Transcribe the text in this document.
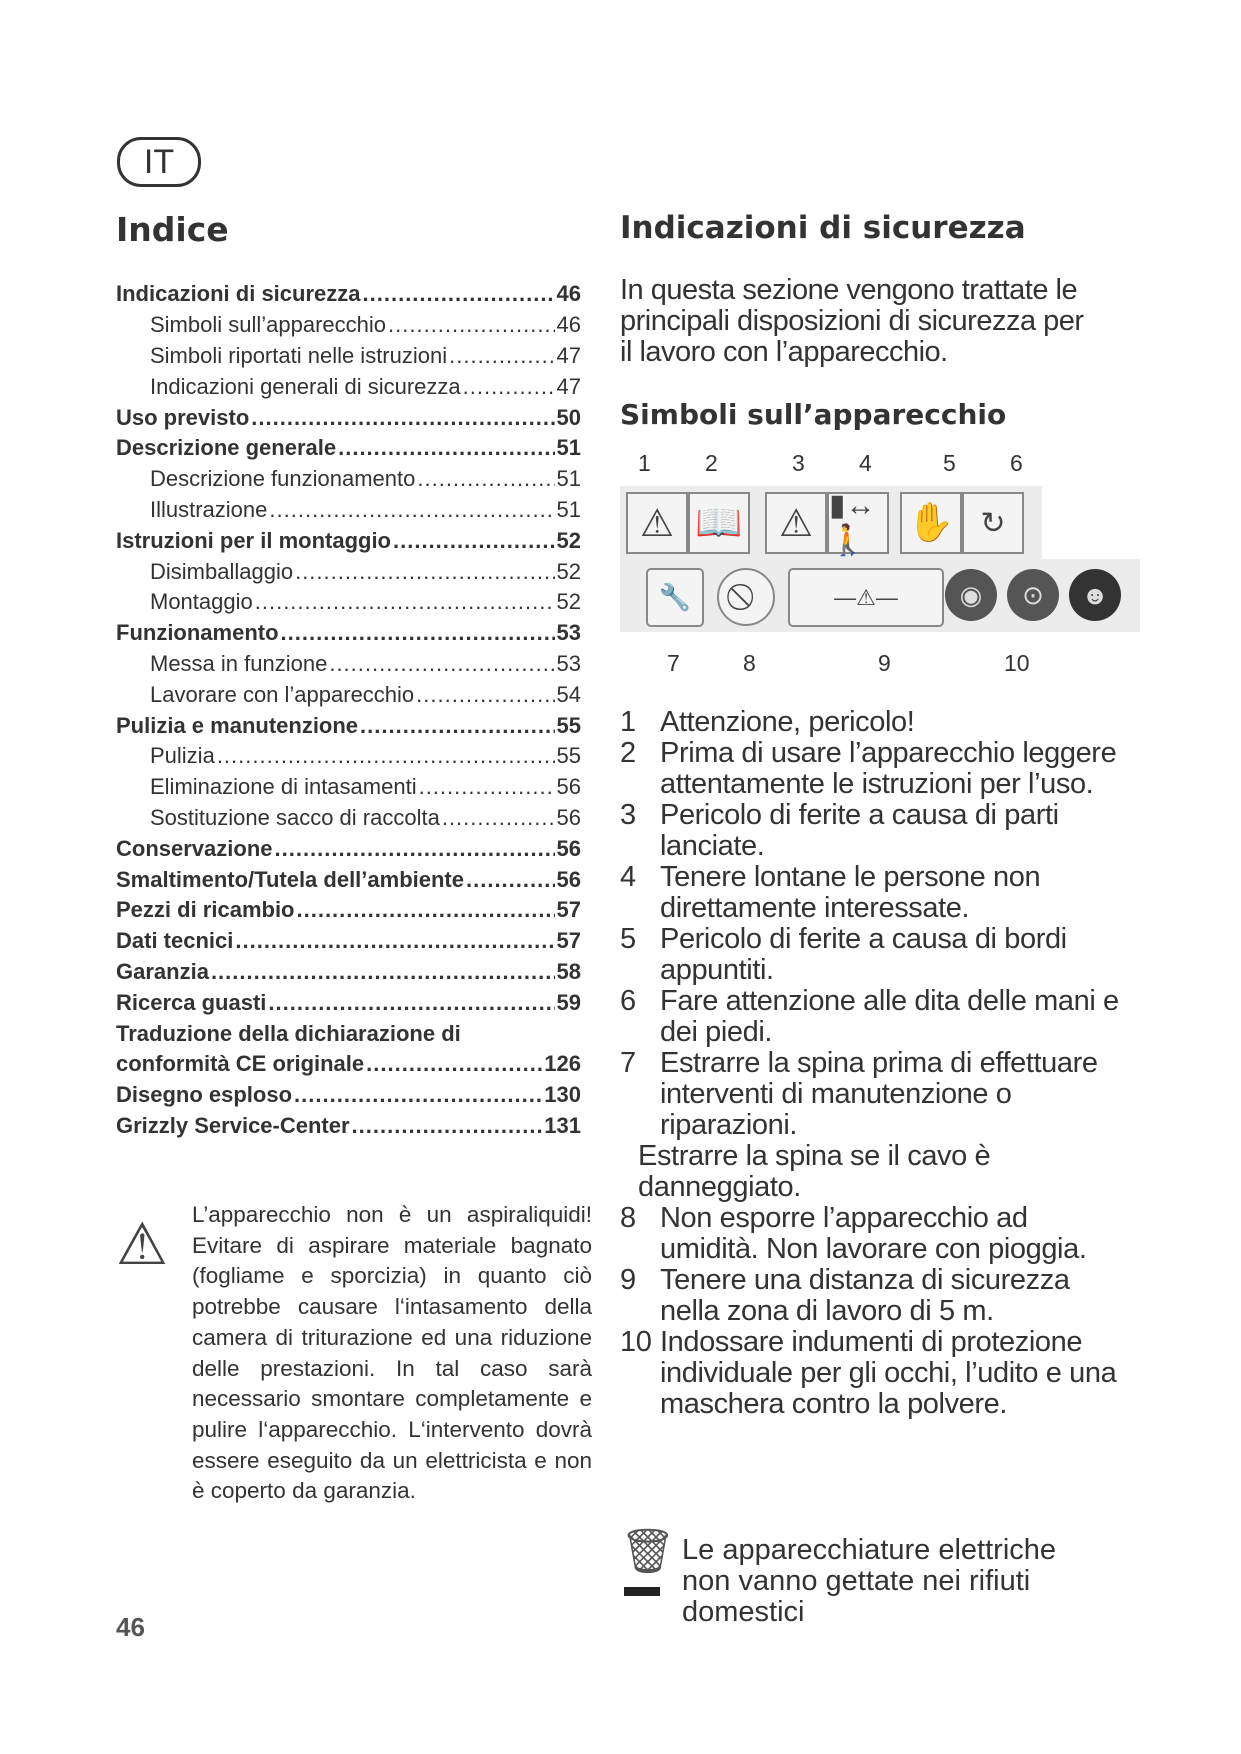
IT
Indice
Indicazioni di sicurezza .....	46
Simboli sull’apparecchio .....	46
Simboli riportati nelle istruzioni .....	47
Indicazioni generali di sicurezza .....	47
Uso previsto .....	50
Descrizione generale .....	51
Descrizione funzionamento .....	51
Illustrazione .....	51
Istruzioni per il montaggio .....	52
Disimballaggio .....	52
Montaggio .....	52
Funzionamento .....	53
Messa in funzione .....	53
Lavorare con l’apparecchio .....	54
Pulizia e manutenzione .....	55
Pulizia .....	55
Eliminazione di intasamenti .....	56
Sostituzione sacco di raccolta .....	56
Conservazione .....	56
Smaltimento/Tutela dell’ambiente .....	56
Pezzi di ricambio .....	57
Dati tecnici .....	57
Garanzia .....	58
Ricerca guasti .....	59
Traduzione della dichiarazione di
conformità CE originale .....	126
Disegno esploso .....	130
Grizzly Service-Center .....	131
⚠ L’apparecchio non è un aspiraliquidi! Evitare di aspirare materiale bagnato (fogliame e sporcizia) in quanto ciò potrebbe causare l‘intasamento della camera di triturazione ed una riduzione delle prestazioni. In tal caso sarà necessario smontare completamente e pulire l‘apparecchio. L‘intervento dovrà essere eseguito da un elettricista e non è coperto da garanzia.
46
Indicazioni di sicurezza
In questa sezione vengono trattate le principali disposizioni di sicurezza per il lavoro con l’apparecchio.
Simboli sull’apparecchio
1 2	3 4	5 6
⚠ 📖 ⚠ ▮↔🚶	✋ ↻
🔧	—⚠—	◉	⊙	☻
7	8	9	10
1 Attenzione, pericolo!
2 Prima di usare l’apparecchio leggere attentamente le istruzioni per l’uso.
3 Pericolo di ferite a causa di parti lanciate.
4 Tenere lontane le persone non direttamente interessate.
5 Pericolo di ferite a causa di bordi appuntiti.
6 Fare attenzione alle dita delle mani e dei piedi.
7 Estrarre la spina prima di effettuare interventi di manutenzione o riparazioni.
Estrarre la spina se il cavo è danneggiato.
8 Non esporre l’apparecchio ad umidità. Non lavorare con pioggia.
9 Tenere una distanza di sicurezza nella zona di lavoro di 5 m.
10 Indossare indumenti di protezione individuale per gli occhi, l’udito e una maschera contro la polvere.
🗑 Le apparecchiature elettriche non vanno gettate nei rifiuti domestici
